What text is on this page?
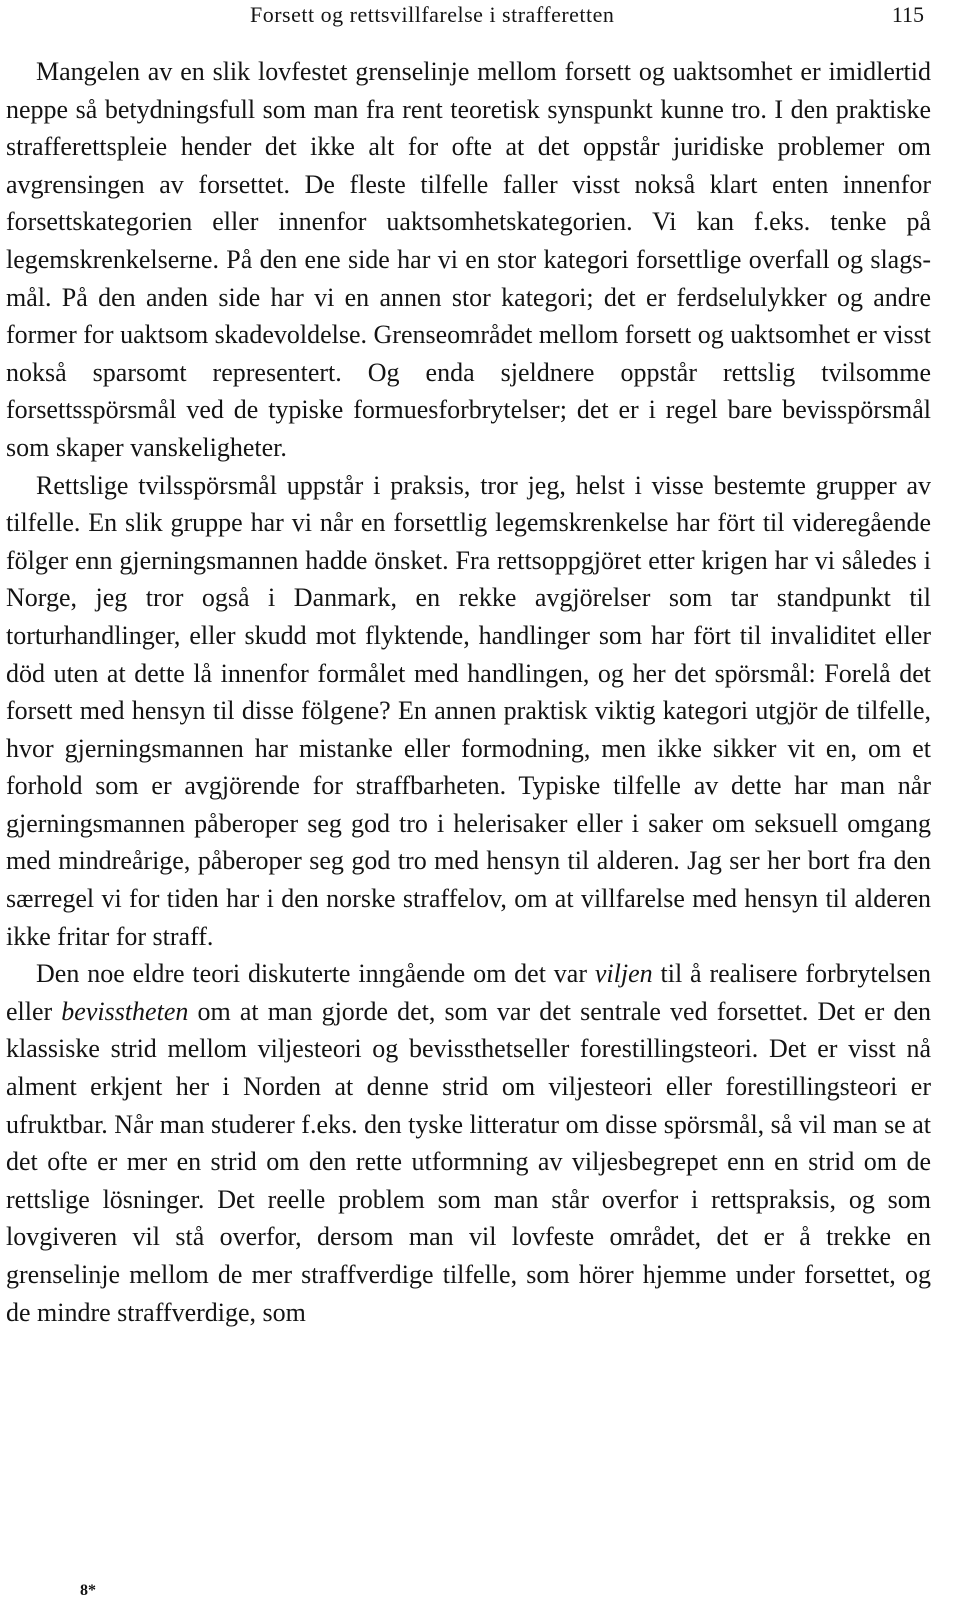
Forsett og rettsvillfarelse i strafferetten	115

Mangelen av en slik lovfestet grenselinje mellom forsett og uaktsomhet er imidlertid neppe så betydningsfull som man fra rent teoretisk synspunkt kunne tro. I den praktiske strafferettspleie hender det ikke alt for ofte at det oppstår juridiske problemer om avgrensingen av forsettet. De fleste tilfelle faller visst nokså klart enten innenfor forsettskategorien eller innenfor uaktsomhetskategorien. Vi kan f.eks. tenke på legemskrenkelserne. På den ene side har vi en stor kategori forsettlige overfall og slagsmål. På den anden side har vi en annen stor kategori; det er ferdselulykker og andre former for uaktsom skadevoldelse. Grenseområdet mellom forsett og uaktsomhet er visst nokså sparsomt representert. Og enda sjeldnere oppstår rettslig tvilsomme forsettsspörsmål ved de typiske formuesforbrytelser; det er i regel bare bevisspörsmål som skaper vanskeligheter.

Rettslige tvilsspörsmål uppstår i praksis, tror jeg, helst i visse bestemte grupper av tilfelle. En slik gruppe har vi når en forsettlig legemskrenkelse har fört til videregående fölger enn gjerningsmannen hadde önsket. Fra rettsoppgjöret etter krigen har vi således i Norge, jeg tror også i Danmark, en rekke avgjörelser som tar standpunkt til torturhandlinger, eller skudd mot flyktende, handlinger som har fört til invaliditet eller död uten at dette lå innenfor formålet med handlingen, og her det spörsmål: Forelå det forsett med hensyn til disse fölgene? En annen praktisk viktig kategori utgjör de tilfelle, hvor gjerningsmannen har mistanke eller formodning, men ikke sikker vit en, om et forhold som er avgjörende for straffbarheten. Typiske tilfelle av dette har man når gjerningsmannen påberoper seg god tro i helerisaker eller i saker om seksuell omgang med mindreårige, påberoper seg god tro med hensyn til alderen. Jag ser her bort fra den særregel vi for tiden har i den norske straffelov, om at villfarelse med hensyn til alderen ikke fritar for straff.

Den noe eldre teori diskuterte inngående om det var viljen til å realisere forbrytelsen eller bevisstheten om at man gjorde det, som var det sentrale ved forsettet. Det er den klassiske strid mellom viljesteori og bevissthetseller forestillingsteori. Det er visst nå alment erkjent her i Norden at denne strid om viljesteori eller forestillingsteori er ufruktbar. Når man studerer f.eks. den tyske litteratur om disse spörsmål, så vil man se at det ofte er mer en strid om den rette utformning av viljesbegrepet enn en strid om de rettslige lösninger. Det reelle problem som man står overfor i rettspraksis, og som lovgiveren vil stå overfor, dersom man vil lovfeste området, det er å trekke en grenselinje mellom de mer straffverdige tilfelle, som hörer hjemme under forsettet, og de mindre straffverdige, som

8*
